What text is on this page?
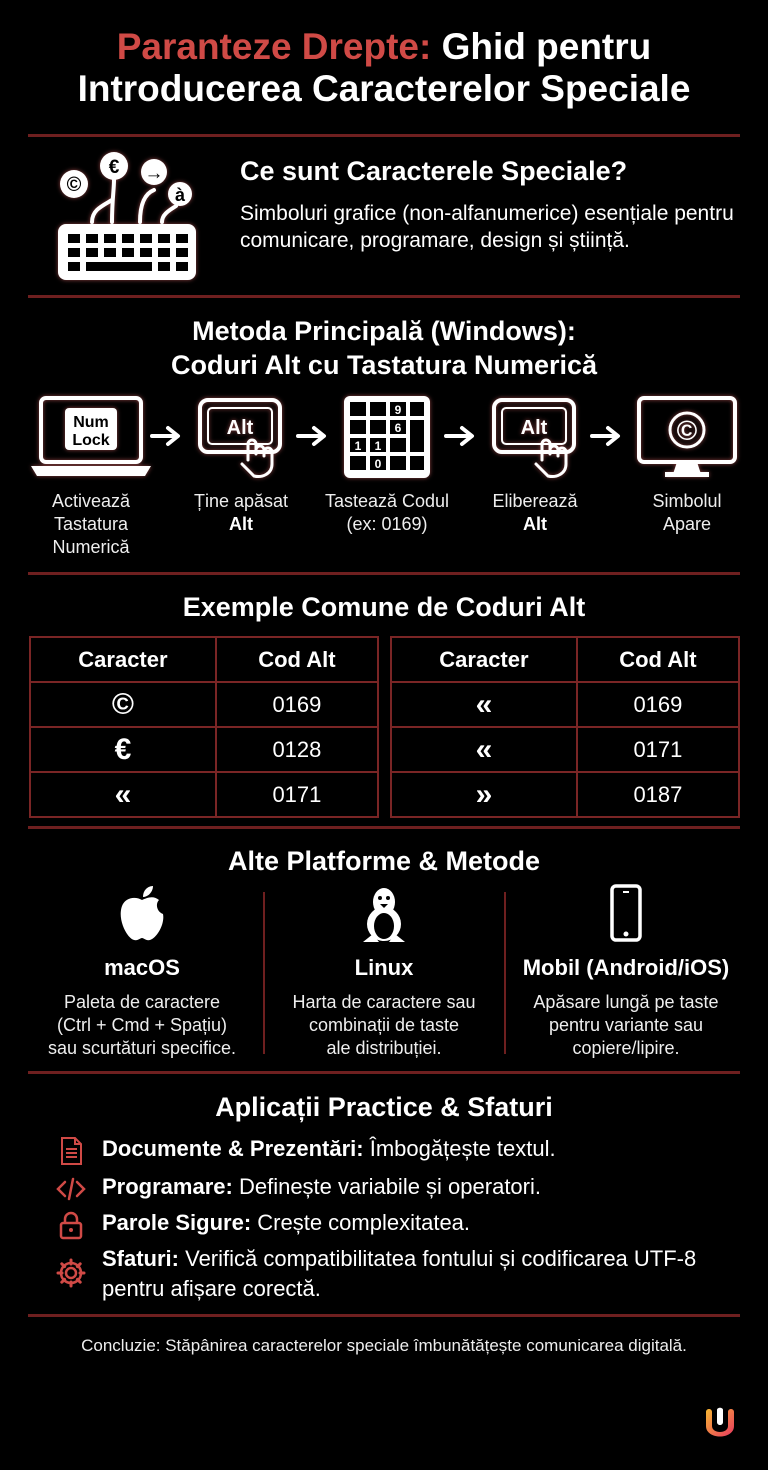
Paranteze Drepte: Ghid pentru
Introducerea Caracterelor Speciale
©
€ →
à
Ce sunt Caracterele Speciale?
Simboluri grafice (non-alfanumerice) esențiale pentru comunicare, programare, design și știință.
Metoda Principală (Windows):
Coduri Alt cu Tastatura Numerică
Num
Lock
Activează
Tastatura
Numerică
Alt
Ține apăsat
Alt
9
6
1 1
0
Tastează Codul
(ex: 0169)
Alt
Eliberează
Alt
©
Simbolul
Apare
Exemple Comune de Coduri Alt
Caracter	Cod Alt
©	0169
€	0128
«	0171
Caracter	Cod Alt
«	0169
«	0171
»	0187
Alte Platforme & Metode
macOS
Paleta de caractere
(Ctrl + Cmd + Spațiu)
sau scurtături specifice.
Linux
Harta de caractere sau
combinații de taste
ale distribuției.
Mobil (Android/iOS)
Apăsare lungă pe taste
pentru variante sau
copiere/lipire.
Aplicații Practice & Sfaturi
Documente & Prezentări: Îmbogățește textul.
Programare: Definește variabile și operatori.
Parole Sigure: Crește complexitatea.
Sfaturi: Verifică compatibilitatea fontului și codificarea UTF-8 pentru afișare corectă.
Concluzie: Stăpânirea caracterelor speciale îmbunătățește comunicarea digitală.
